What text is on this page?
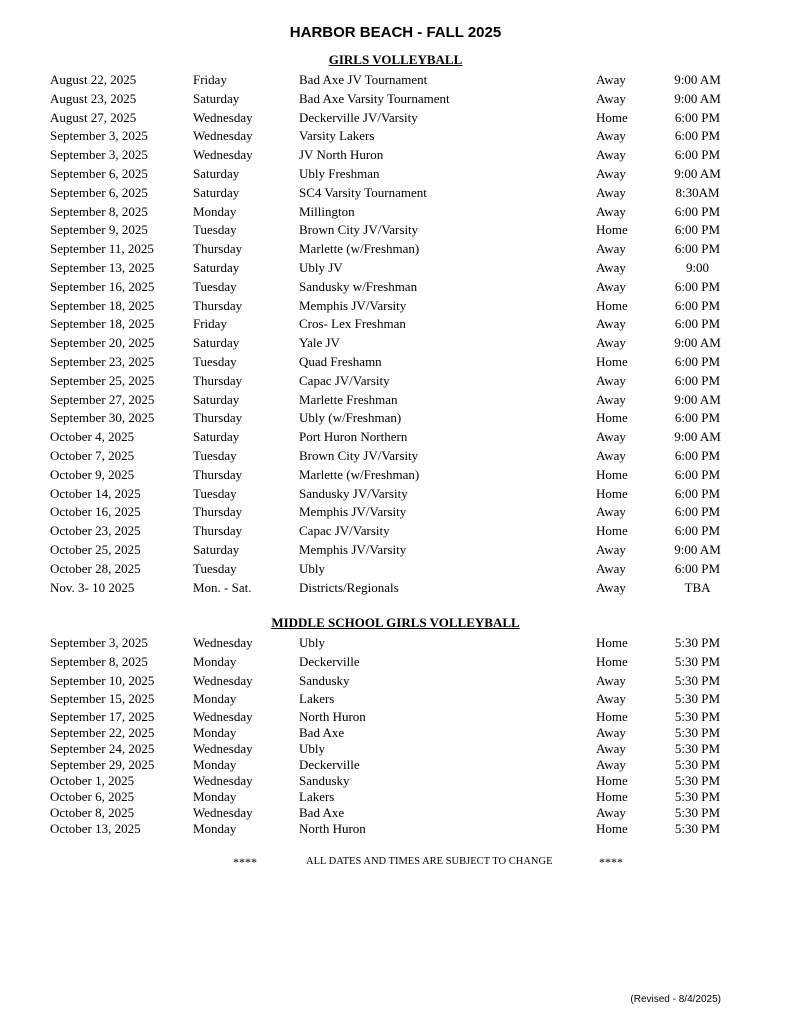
HARBOR BEACH - FALL 2025
GIRLS VOLLEYBALL
August 22, 2025	Friday	Bad Axe JV Tournament	Away	9:00 AM
August 23, 2025	Saturday	Bad Axe Varsity Tournament	Away	9:00 AM
August 27, 2025	Wednesday	Deckerville JV/Varsity	Home	6:00 PM
September 3, 2025	Wednesday	Varsity Lakers	Away	6:00 PM
September 3, 2025	Wednesday	JV North Huron	Away	6:00 PM
September 6, 2025	Saturday	Ubly Freshman	Away	9:00 AM
September 6, 2025	Saturday	SC4 Varsity Tournament	Away	8:30AM
September 8, 2025	Monday	Millington	Away	6:00 PM
September 9, 2025	Tuesday	Brown City JV/Varsity	Home	6:00 PM
September 11, 2025	Thursday	Marlette (w/Freshman)	Away	6:00 PM
September 13, 2025	Saturday	Ubly JV	Away	9:00
September 16, 2025	Tuesday	Sandusky w/Freshman	Away	6:00 PM
September 18, 2025	Thursday	Memphis JV/Varsity	Home	6:00 PM
September 18, 2025	Friday	Cros- Lex Freshman	Away	6:00 PM
September 20, 2025	Saturday	Yale JV	Away	9:00 AM
September 23, 2025	Tuesday	Quad Freshamn	Home	6:00 PM
September 25, 2025	Thursday	Capac JV/Varsity	Away	6:00 PM
September 27, 2025	Saturday	Marlette Freshman	Away	9:00 AM
September 30, 2025	Thursday	Ubly (w/Freshman)	Home	6:00 PM
October 4, 2025	Saturday	Port Huron Northern	Away	9:00 AM
October 7, 2025	Tuesday	Brown City JV/Varsity	Away	6:00 PM
October 9, 2025	Thursday	Marlette (w/Freshman)	Home	6:00 PM
October 14, 2025	Tuesday	Sandusky JV/Varsity	Home	6:00 PM
October 16, 2025	Thursday	Memphis JV/Varsity	Away	6:00 PM
October 23, 2025	Thursday	Capac JV/Varsity	Home	6:00 PM
October 25, 2025	Saturday	Memphis JV/Varsity	Away	9:00 AM
October 28, 2025	Tuesday	Ubly	Away	6:00 PM
Nov. 3- 10 2025	Mon. - Sat.	Districts/Regionals	Away	TBA
MIDDLE SCHOOL GIRLS VOLLEYBALL
September 3, 2025	Wednesday	Ubly	Home	5:30 PM
September 8, 2025	Monday	Deckerville	Home	5:30 PM
September 10, 2025	Wednesday	Sandusky	Away	5:30 PM
September 15, 2025	Monday	Lakers	Away	5:30 PM
September 17, 2025	Wednesday	North Huron	Home	5:30 PM
September 22, 2025	Monday	Bad Axe	Away	5:30 PM
September 24, 2025	Wednesday	Ubly	Away	5:30 PM
September 29, 2025	Monday	Deckerville	Away	5:30 PM
October 1, 2025	Wednesday	Sandusky	Home	5:30 PM
October 6, 2025	Monday	Lakers	Home	5:30 PM
October 8, 2025	Wednesday	Bad Axe	Away	5:30 PM
October 13, 2025	Monday	North Huron	Home	5:30 PM
****	ALL DATES AND TIMES ARE SUBJECT TO CHANGE	****
(Revised - 8/4/2025)
